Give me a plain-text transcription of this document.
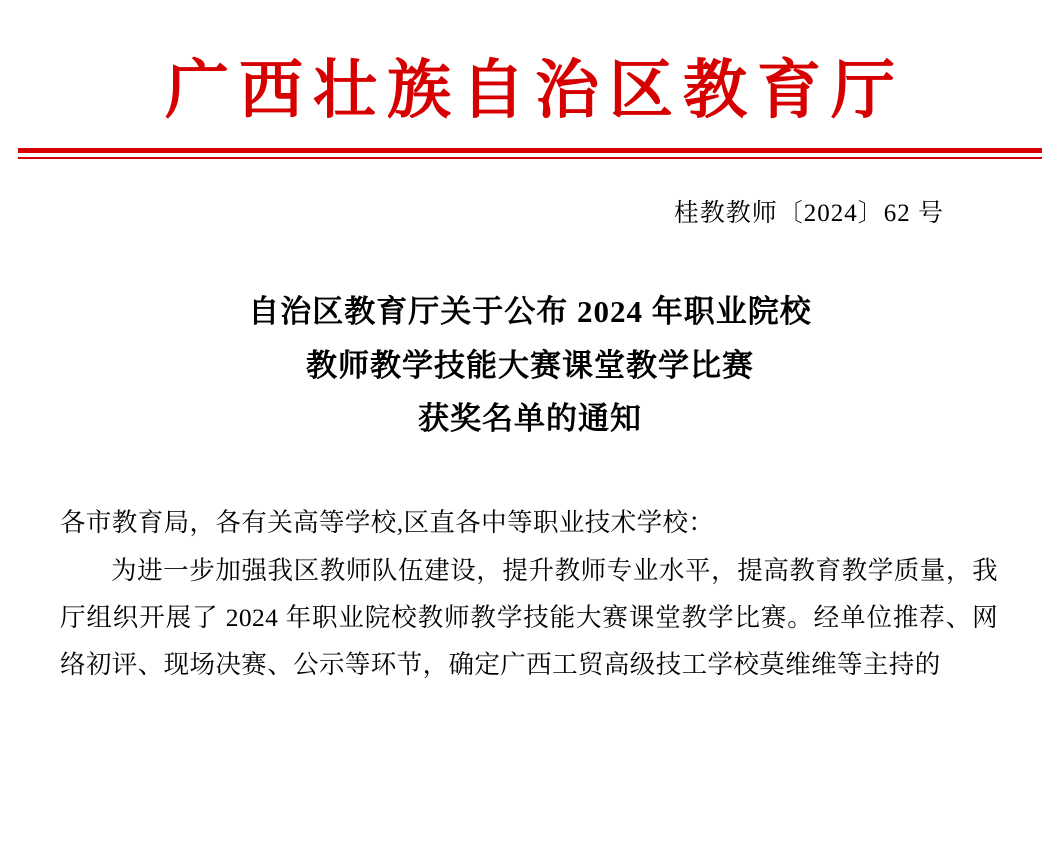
广西壮族自治区教育厅
桂教教师〔2024〕62 号
自治区教育厅关于公布 2024 年职业院校
教师教学技能大赛课堂教学比赛
获奖名单的通知

各市教育局，各有关高等学校,区直各中等职业技术学校：

为进一步加强我区教师队伍建设，提升教师专业水平，提高教育教学质量，我厅组织开展了 2024 年职业院校教师教学技能大赛课堂教学比赛。经单位推荐、网络初评、现场决赛、公示等环节，确定广西工贸高级技工学校莫维维等主持的
